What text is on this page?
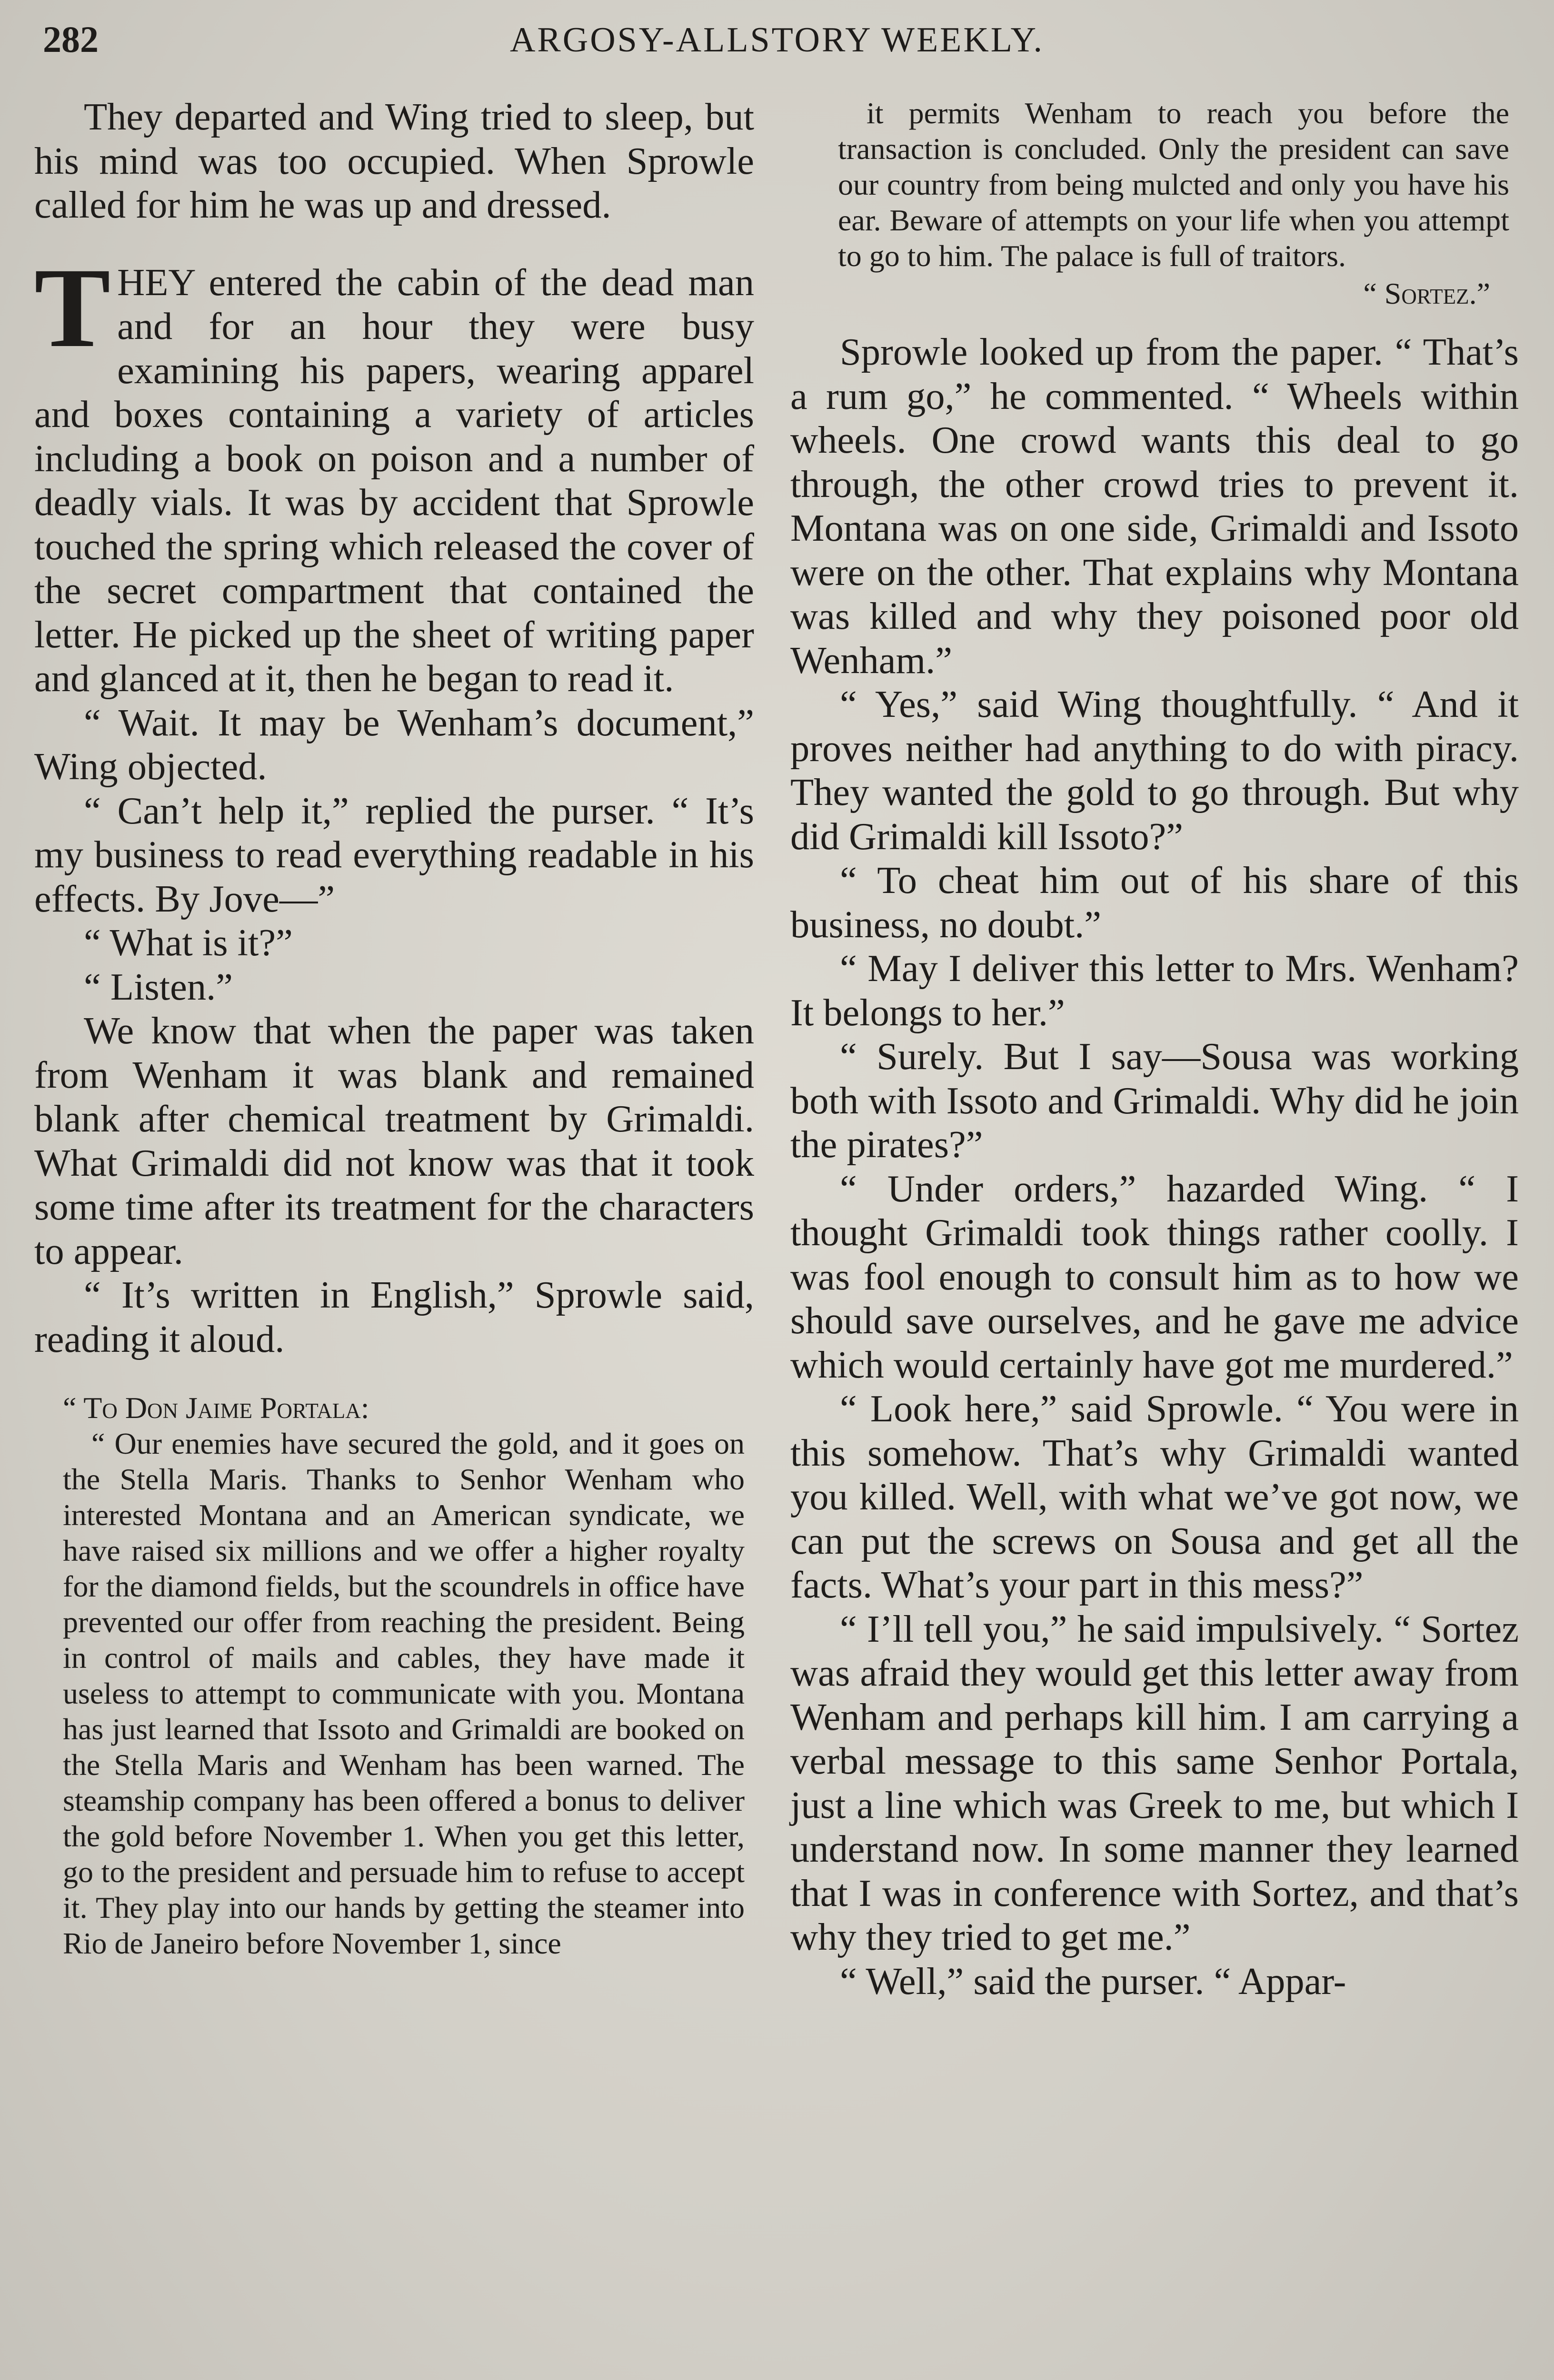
282	ARGOSY-ALLSTORY WEEKLY.

They departed and Wing tried to sleep, but his mind was too occupied. When Sprowle called for him he was up and dressed.

THEY entered the cabin of the dead man and for an hour they were busy examining his papers, wearing apparel and boxes containing a variety of articles including a book on poison and a number of deadly vials. It was by accident that Sprowle touched the spring which released the cover of the secret compartment that contained the letter. He picked up the sheet of writing paper and glanced at it, then he began to read it.

“ Wait. It may be Wenham’s document,” Wing objected.

“ Can’t help it,” replied the purser. “ It’s my business to read everything readable in his effects. By Jove—”

“ What is it?”

“ Listen.”

We know that when the paper was taken from Wenham it was blank and remained blank after chemical treatment by Grimaldi. What Grimaldi did not know was that it took some time after its treatment for the characters to appear.

“ It’s written in English,” Sprowle said, reading it aloud.

“ To Don Jaime Portala:

“ Our enemies have secured the gold, and it goes on the Stella Maris. Thanks to Senhor Wenham who interested Montana and an American syndicate, we have raised six millions and we offer a higher royalty for the diamond fields, but the scoundrels in office have prevented our offer from reaching the president. Being in control of mails and cables, they have made it useless to attempt to communicate with you. Montana has just learned that Issoto and Grimaldi are booked on the Stella Maris and Wenham has been warned. The steamship company has been offered a bonus to deliver the gold before November 1. When you get this letter, go to the president and persuade him to refuse to accept it. They play into our hands by getting the steamer into Rio de Janeiro before November 1, since

it permits Wenham to reach you before the transaction is concluded. Only the president can save our country from being mulcted and only you have his ear. Beware of attempts on your life when you attempt to go to him. The palace is full of traitors.

“ Sortez.”

Sprowle looked up from the paper. “ That’s a rum go,” he commented. “ Wheels within wheels. One crowd wants this deal to go through, the other crowd tries to prevent it. Montana was on one side, Grimaldi and Issoto were on the other. That explains why Montana was killed and why they poisoned poor old Wenham.”

“ Yes,” said Wing thoughtfully. “ And it proves neither had anything to do with piracy. They wanted the gold to go through. But why did Grimaldi kill Issoto?”

“ To cheat him out of his share of this business, no doubt.”

“ May I deliver this letter to Mrs. Wenham? It belongs to her.”

“ Surely. But I say—Sousa was working both with Issoto and Grimaldi. Why did he join the pirates?”

“ Under orders,” hazarded Wing. “ I thought Grimaldi took things rather coolly. I was fool enough to consult him as to how we should save ourselves, and he gave me advice which would certainly have got me murdered.”

“ Look here,” said Sprowle. “ You were in this somehow. That’s why Grimaldi wanted you killed. Well, with what we’ve got now, we can put the screws on Sousa and get all the facts. What’s your part in this mess?”

“ I’ll tell you,” he said impulsively. “ Sortez was afraid they would get this letter away from Wenham and perhaps kill him. I am carrying a verbal message to this same Senhor Portala, just a line which was Greek to me, but which I understand now. In some manner they learned that I was in conference with Sortez, and that’s why they tried to get me.”

“ Well,” said the purser. “ Appar-
